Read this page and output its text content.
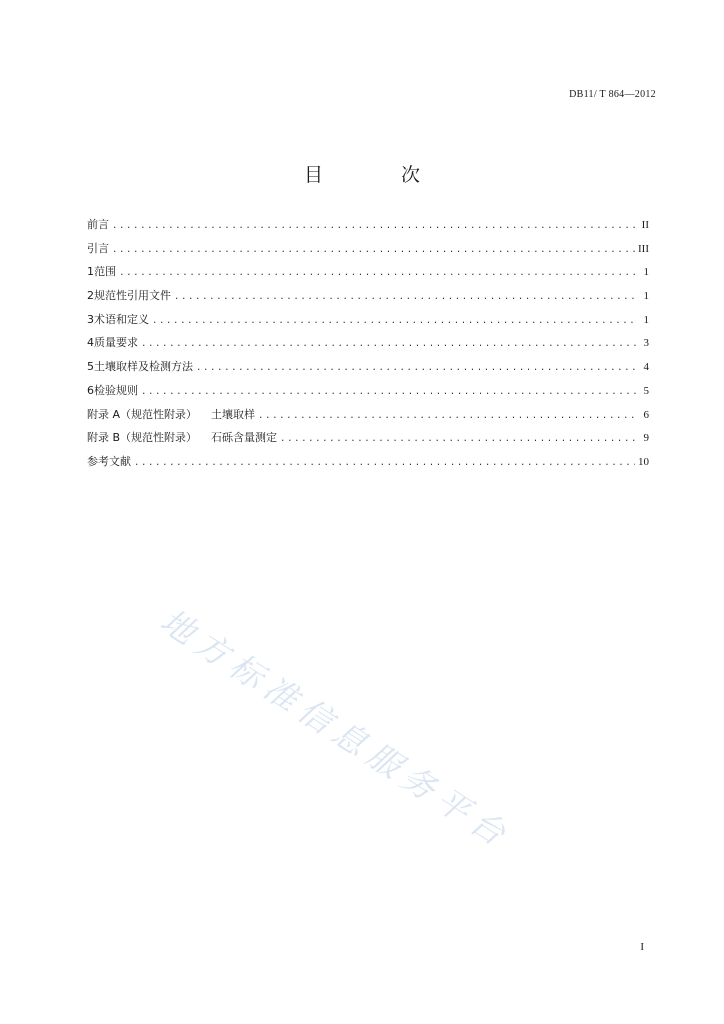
DB11/ T 864—2012
目 次
前言 .....	II
引言 .....	III
1 范围 .....	1
2 规范性引用文件 .....	1
3 术语和定义 .....	1
4 质量要求 .....	3
5 土壤取样及检测方法 .....	4
6 检验规则 .....	5
附录 A（规范性附录） 土壤取样 .....	6
附录 B（规范性附录） 石砾含量测定 .....	9
参考文献 .....	10
地方标准信息服务平台
I
